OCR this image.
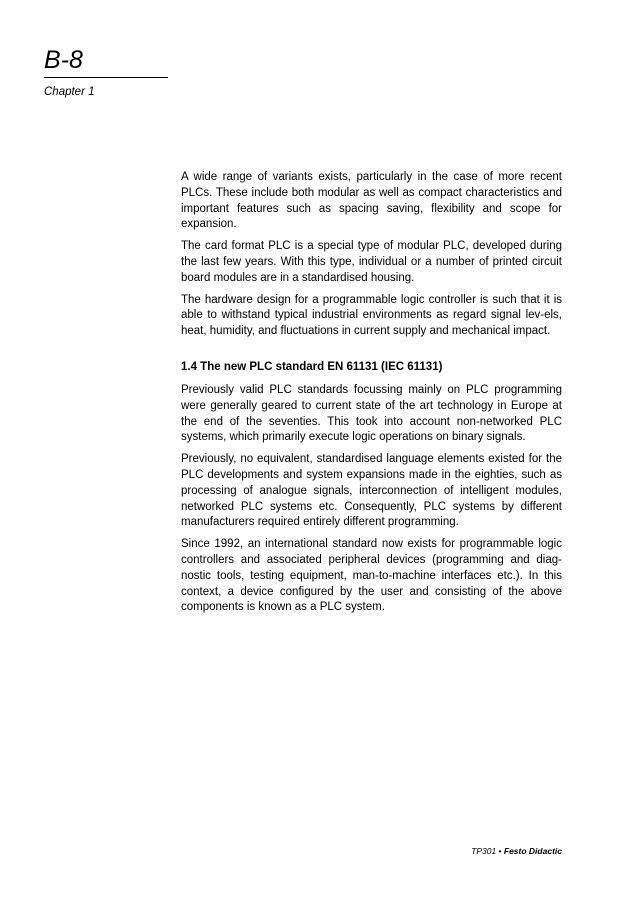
B-8
Chapter 1

A wide range of variants exists, particularly in the case of more recent PLCs. These include both modular as well as compact characteristics and important features such as spacing saving, flexibility and scope for expansion.

The card format PLC is a special type of modular PLC, developed during the last few years. With this type, individual or a number of printed circuit board modules are in a standardised housing.

The hardware design for a programmable logic controller is such that it is able to withstand typical industrial environments as regard signal lev-els, heat, humidity, and fluctuations in current supply and mechanical impact.

1.4 The new PLC standard EN 61131 (IEC 61131)

Previously valid PLC standards focussing mainly on PLC programming were generally geared to current state of the art technology in Europe at the end of the seventies. This took into account non-networked PLC systems, which primarily execute logic operations on binary signals.

Previously, no equivalent, standardised language elements existed for the PLC developments and system expansions made in the eighties, such as processing of analogue signals, interconnection of intelligent modules, networked PLC systems etc. Consequently, PLC systems by different manufacturers required entirely different programming.

Since 1992, an international standard now exists for programmable logic controllers and associated peripheral devices (programming and diag-nostic tools, testing equipment, man-to-machine interfaces etc.). In this context, a device configured by the user and consisting of the above components is known as a PLC system.

TP301 • Festo Didactic
